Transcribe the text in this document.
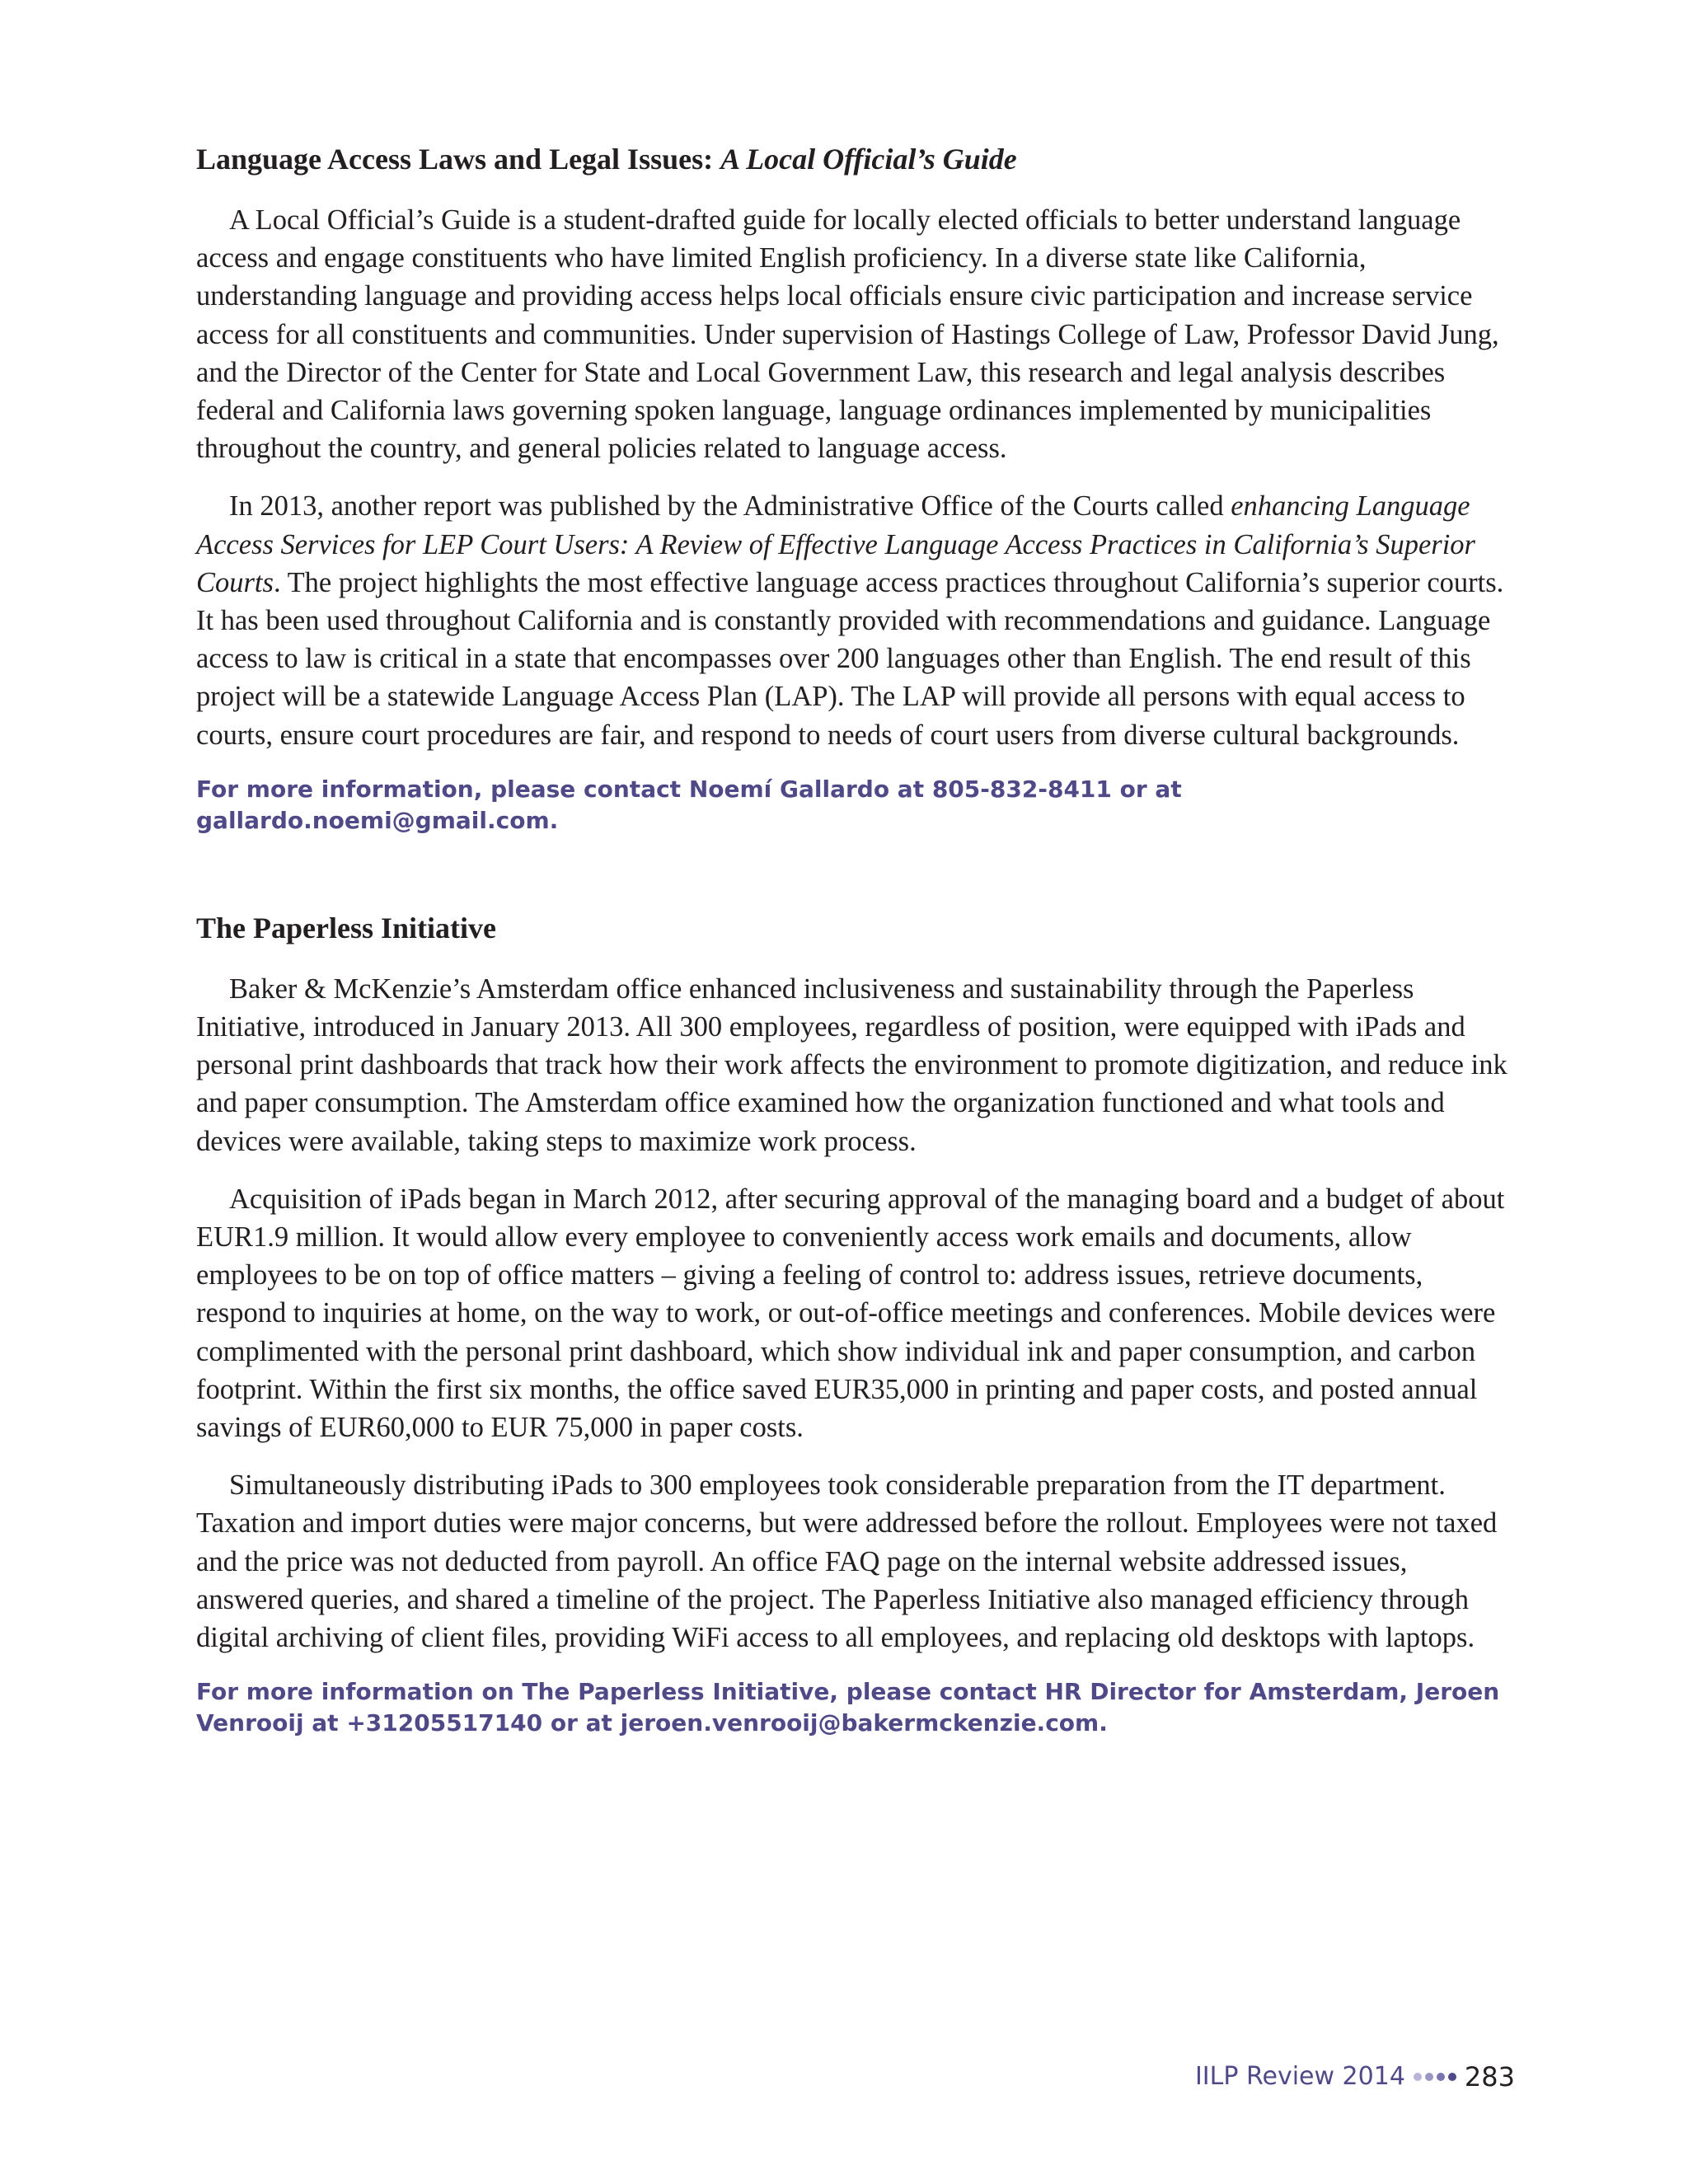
Language Access Laws and Legal Issues: A Local Official’s Guide

A Local Official’s Guide is a student-drafted guide for locally elected officials to better understand language access and engage constituents who have limited English proficiency. In a diverse state like California, understanding language and providing access helps local officials ensure civic participation and increase service access for all constituents and communities. Under supervision of Hastings College of Law, Professor David Jung, and the Director of the Center for State and Local Government Law, this research and legal analysis describes federal and California laws governing spoken language, language ordinances implemented by municipalities throughout the country, and general policies related to language access.

In 2013, another report was published by the Administrative Office of the Courts called enhancing Language Access Services for LEP Court Users: A Review of Effective Language Access Practices in California’s Superior Courts. The project highlights the most effective language access practices throughout California’s superior courts. It has been used throughout California and is constantly provided with recommendations and guidance. Language access to law is critical in a state that encompasses over 200 languages other than English. The end result of this project will be a statewide Language Access Plan (LAP). The LAP will provide all persons with equal access to courts, ensure court procedures are fair, and respond to needs of court users from diverse cultural backgrounds.

For more information, please contact Noemí Gallardo at 805-832-8411 or at gallardo.noemi@gmail.com.

The Paperless Initiative

Baker & McKenzie’s Amsterdam office enhanced inclusiveness and sustainability through the Paperless Initiative, introduced in January 2013. All 300 employees, regardless of position, were equipped with iPads and personal print dashboards that track how their work affects the environment to promote digitization, and reduce ink and paper consumption. The Amsterdam office examined how the organization functioned and what tools and devices were available, taking steps to maximize work process.

Acquisition of iPads began in March 2012, after securing approval of the managing board and a budget of about EUR1.9 million. It would allow every employee to conveniently access work emails and documents, allow employees to be on top of office matters – giving a feeling of control to: address issues, retrieve documents, respond to inquiries at home, on the way to work, or out-of-office meetings and conferences. Mobile devices were complimented with the personal print dashboard, which show individual ink and paper consumption, and carbon footprint. Within the first six months, the office saved EUR35,000 in printing and paper costs, and posted annual savings of EUR60,000 to EUR 75,000 in paper costs.

Simultaneously distributing iPads to 300 employees took considerable preparation from the IT department. Taxation and import duties were major concerns, but were addressed before the rollout. Employees were not taxed and the price was not deducted from payroll. An office FAQ page on the internal website addressed issues, answered queries, and shared a timeline of the project. The Paperless Initiative also managed efficiency through digital archiving of client files, providing WiFi access to all employees, and replacing old desktops with laptops.

For more information on The Paperless Initiative, please contact HR Director for Amsterdam, Jeroen Venrooij at +31205517140 or at jeroen.venrooij@bakermckenzie.com.

IILP Review 2014 283
